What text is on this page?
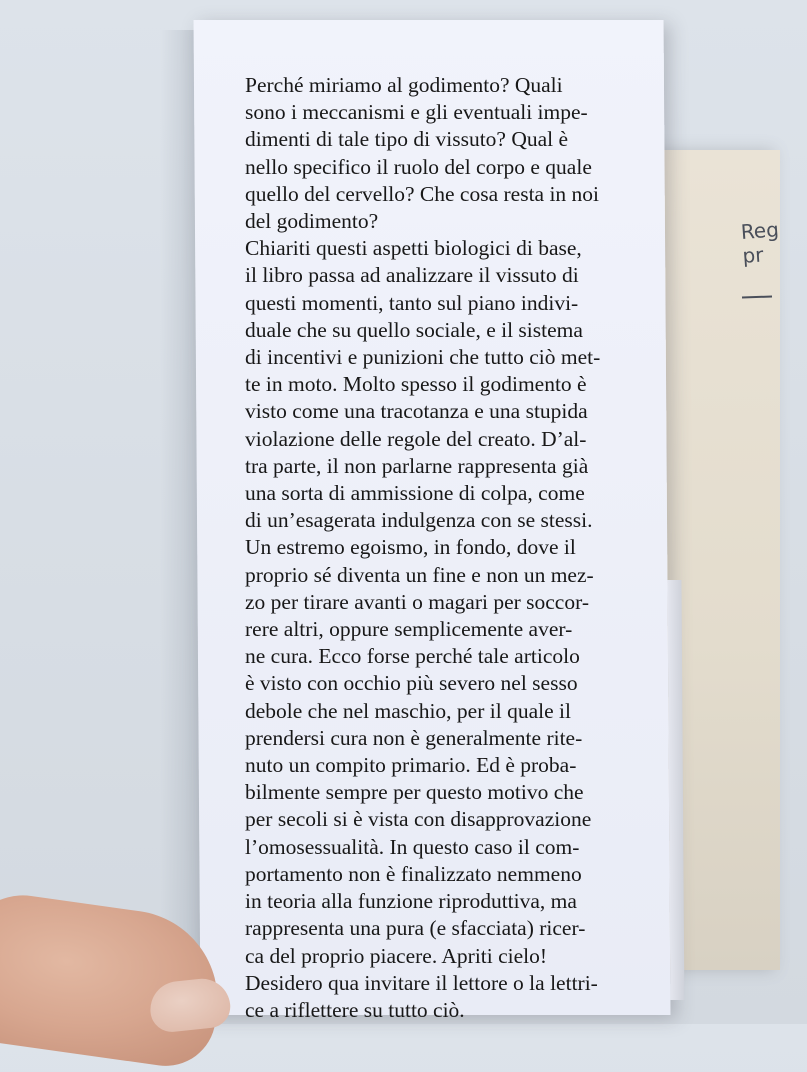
Reg
pr

Perché miriamo al godimento? Quali

sono i meccanismi e gli eventuali impe-

dimenti di tale tipo di vissuto? Qual è

nello specifico il ruolo del corpo e quale

quello del cervello? Che cosa resta in noi

del godimento?

Chiariti questi aspetti biologici di base,

il libro passa ad analizzare il vissuto di

questi momenti, tanto sul piano indivi-

duale che su quello sociale, e il sistema

di incentivi e punizioni che tutto ciò met-

te in moto. Molto spesso il godimento è

visto come una tracotanza e una stupida

violazione delle regole del creato. D’al-

tra parte, il non parlarne rappresenta già

una sorta di ammissione di colpa, come

di un’esagerata indulgenza con se stessi.

Un estremo egoismo, in fondo, dove il

proprio sé diventa un fine e non un mez-

zo per tirare avanti o magari per soccor-

rere altri, oppure semplicemente aver-

ne cura. Ecco forse perché tale articolo

è visto con occhio più severo nel sesso

debole che nel maschio, per il quale il

prendersi cura non è generalmente rite-

nuto un compito primario. Ed è proba-

bilmente sempre per questo motivo che

per secoli si è vista con disapprovazione

l’omosessualità. In questo caso il com-

portamento non è finalizzato nemmeno

in teoria alla funzione riproduttiva, ma

rappresenta una pura (e sfacciata) ricer-

ca del proprio piacere. Apriti cielo!

Desidero qua invitare il lettore o la lettri-

ce a riflettere su tutto ciò.
